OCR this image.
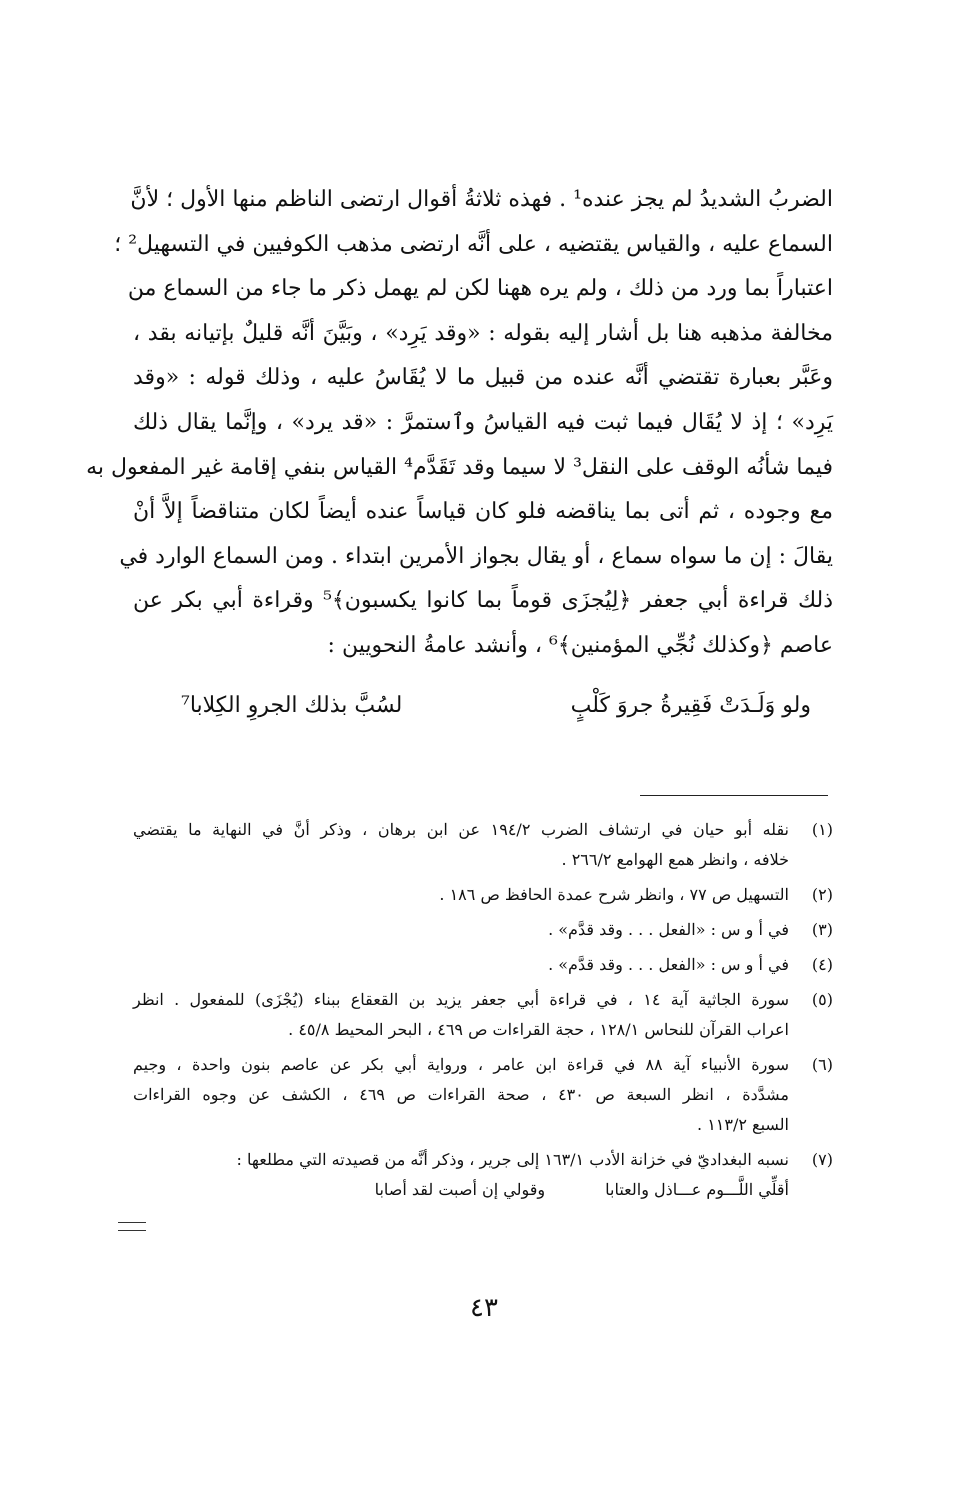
الضربُ الشديدُ لم يجز عنده¹ . فهذه ثلاثةُ أقوال ارتضى الناظم منها الأول ؛ لأنَّ
السماع عليه ، والقياس يقتضيه ، على أنَّه ارتضى مذهب الكوفيين في التسهيل² ؛
اعتباراً بما ورد من ذلك ، ولم يره ههنا لكن لم يهمل ذكر ما جاء من السماع من
مخالفة مذهبه هنا بل أشار إليه بقوله : «وقد يَرِد» ، وبَيَّنَ أنَّه قليلٌ بإتيانه بقد ،
وعَبَّر بعبارة تقتضي أنَّه عنده من قبيل ما لا يُقَاسُ عليه ، وذلك قوله : «وقد
يَرِد» ؛ إذ لا يُقَال فيما ثبت فيه القياسُ وٱستمرَّ : «قد يرد» ، وإنَّما يقال ذلك
فيما شأنُه الوقف على النقل³ لا سيما وقد تَقَدَّم⁴ القياس بنفي إقامة غير المفعول به
مع وجوده ، ثم أتى بما يناقضه فلو كان قياساً عنده أيضاً لكان متناقضاً إلاَّ أنْ
يقالَ : إن ما سواه سماع ، أو يقال بجواز الأمرين ابتداء . ومن السماع الوارد في
ذلك قراءة أبي جعفر ﴿لِيُجزَى قوماً بما كانوا يكسبون﴾⁵ وقراءة أبي بكر عن
عاصم ﴿وكذلك نُجِّي المؤمنين﴾⁶ ، وأنشد عامةُ النحويين :
ولو وَلَـدَتْ فَقِيرةُ جروَ كَلْبٍ
لسُبَّ بذلك الجروِ الكِلابا⁷
(١)
نقله أبو حيان في ارتشاف الضرب ١٩٤/٢ عن ابن برهان ، وذكر أنَّ في النهاية ما يقتضي
خلافه ، وانظر همع الهوامع ٢٦٦/٢ .
(٢)
التسهيل ص ٧٧ ، وانظر شرح عمدة الحافظ ص ١٨٦ .
(٣)
في أ و س : «الفعل . . . وقد قدَّم» .
(٤)
في أ و س : «الفعل . . . وقد قدَّم» .
(٥)
سورة الجاثية آية ١٤ ، في قراءة أبي جعفر يزيد بن القعقاع ببناء (يُجْزَى) للمفعول . انظر
اعراب القرآن للنحاس ١٢٨/١ ، حجة القراءات ص ٤٦٩ ، البحر المحيط ٤٥/٨ .
(٦)
سورة الأنبياء آية ٨٨ في قراءة ابن عامر ، ورواية أبي بكر عن عاصم بنون واحدة ، وجيم
مشدَّدة ، انظر السبعة ص ٤٣٠ ، صحة القراءات ص ٤٦٩ ، الكشف عن وجوه القراءات
السبع ١١٣/٢ .
(٧)
نسبه البغداديّ في خزانة الأدب ١٦٣/١ إلى جرير ، وذكر أنَّه من قصيدته التي مطلعها :
أقلِّي اللَّـــوم عـــاذل والعتابا
وقولي إن أصبت لقد أصابا
٤٣
